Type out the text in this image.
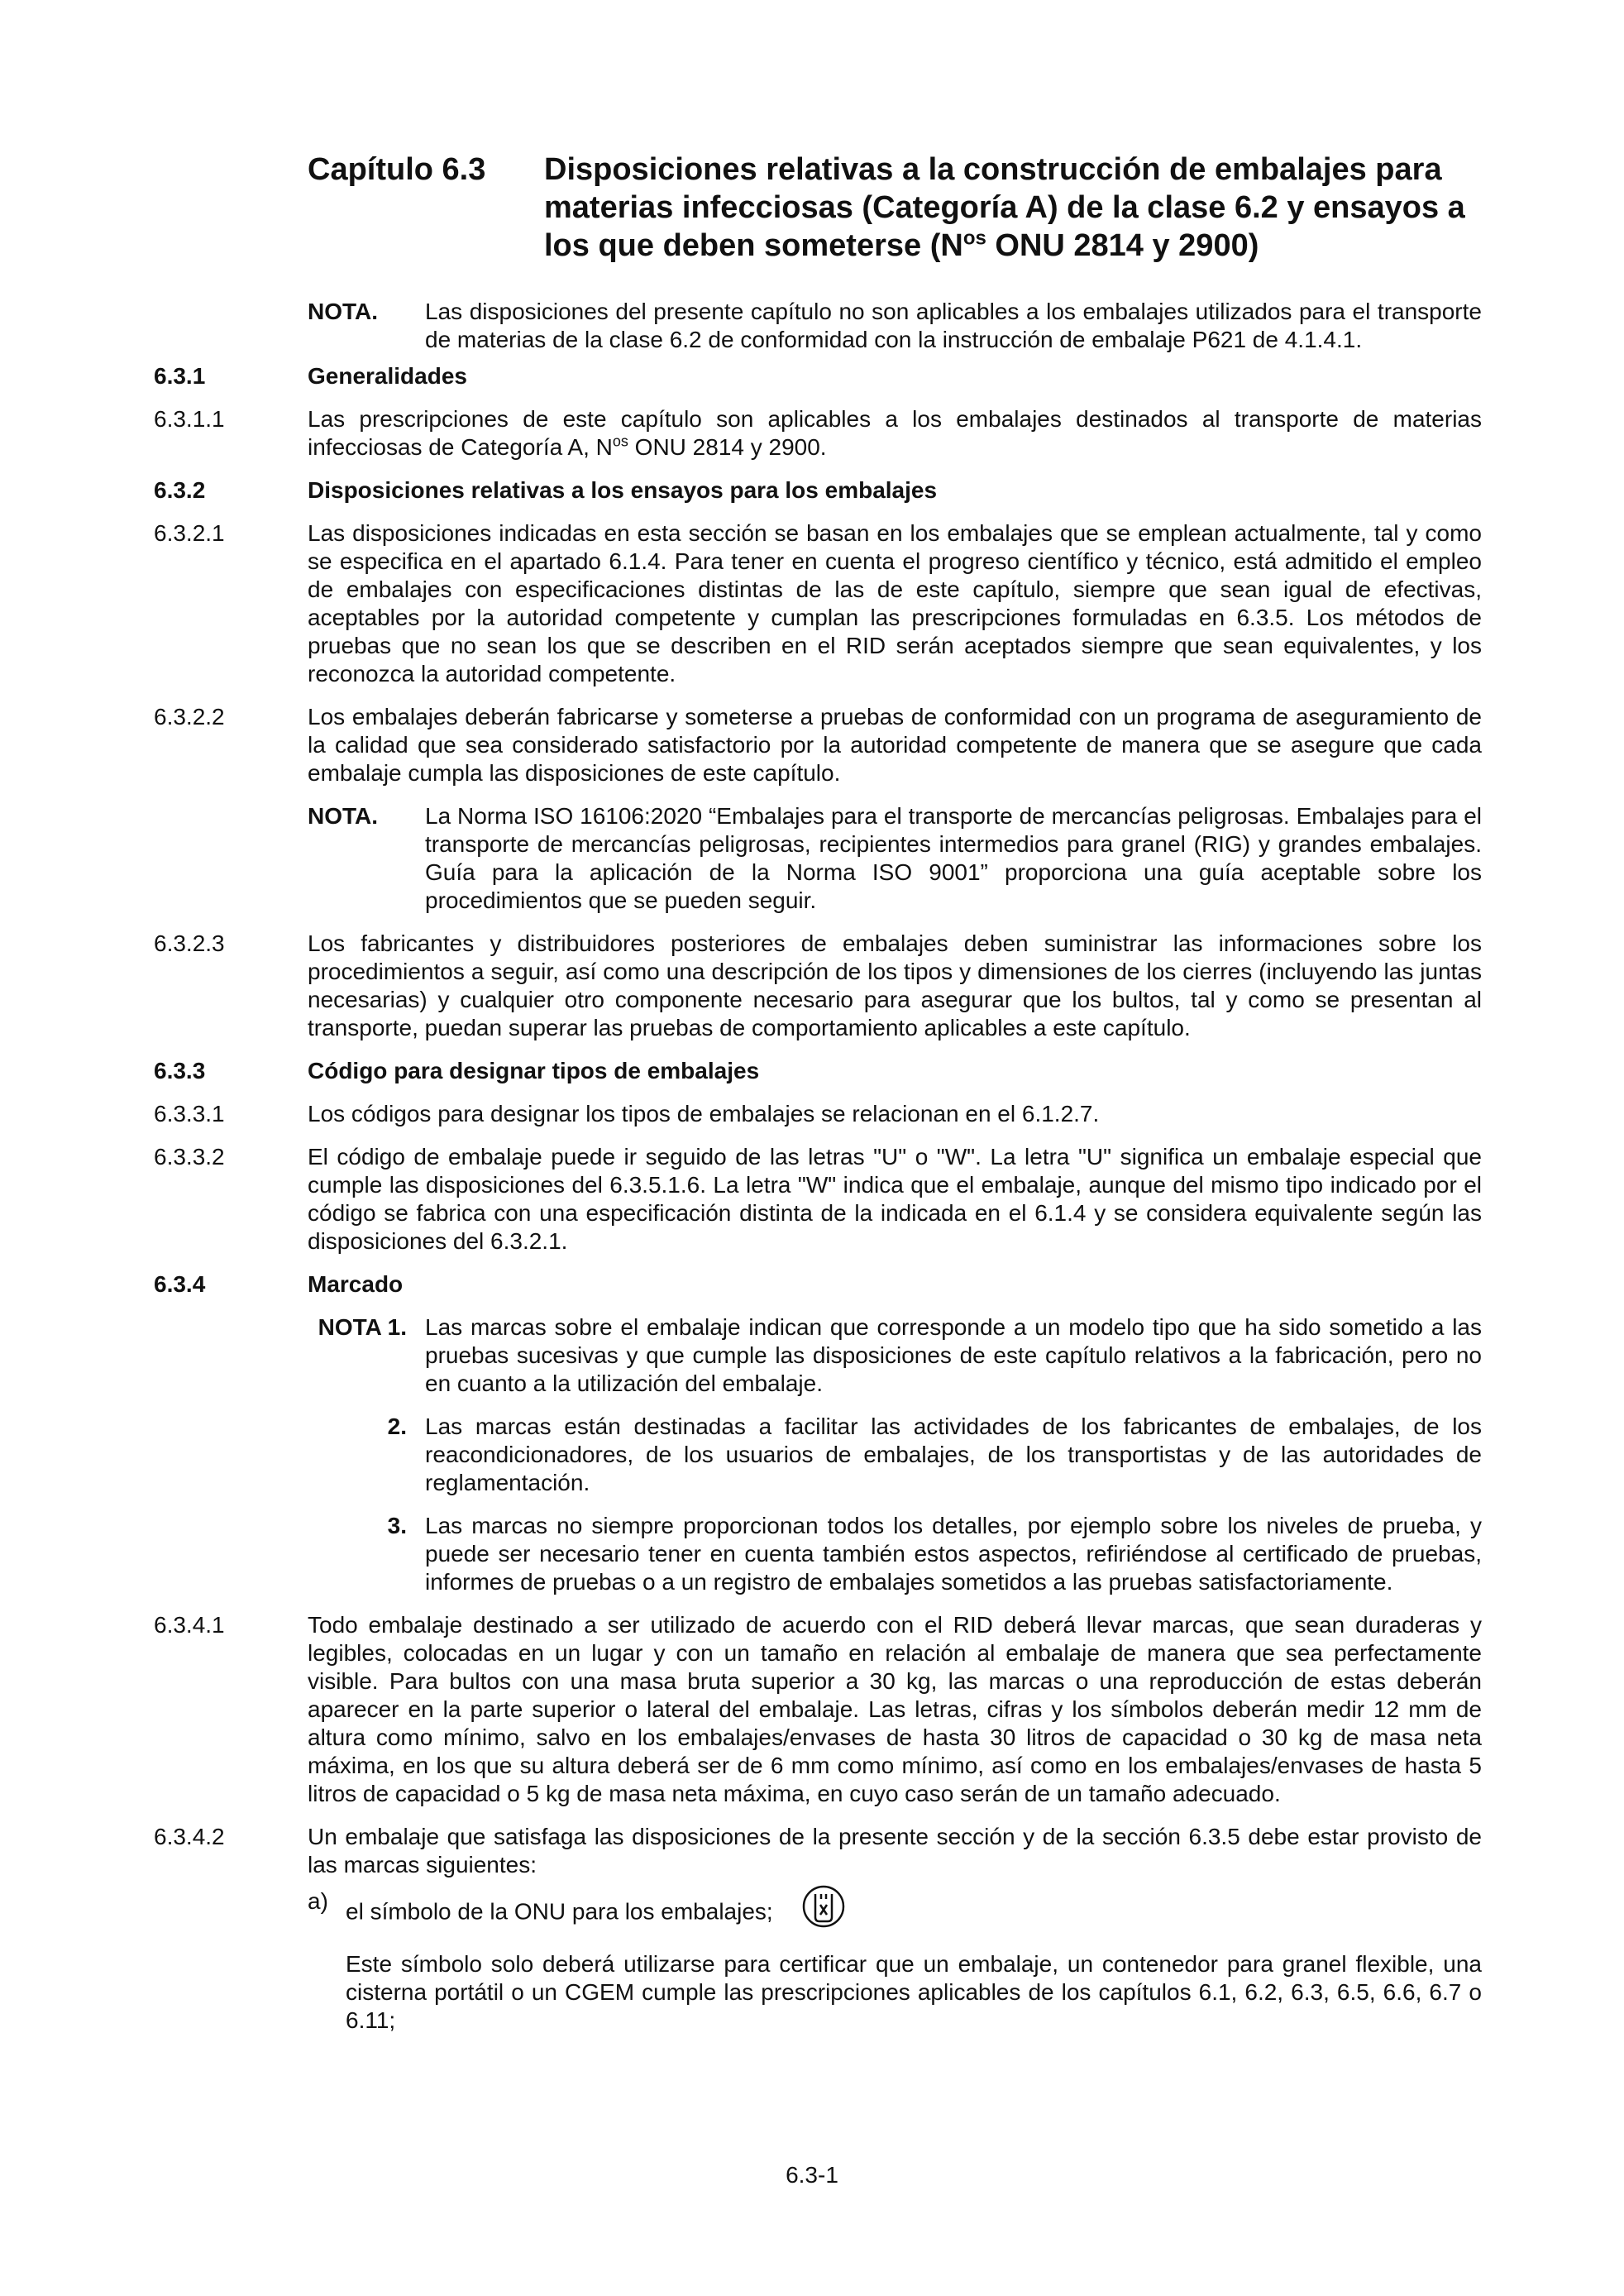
Capítulo 6.3 Disposiciones relativas a la construcción de embalajes para materias infecciosas (Categoría A) de la clase 6.2 y ensayos a los que deben someterse ($N^{os}$ ONU 2814 y 2900)
NOTA.	Las disposiciones del presente capítulo no son aplicables a los embalajes utilizados para el transporte de materias de la clase 6.2 de conformidad con la instrucción de embalaje P621 de 4.1.4.1.
6.3.1	Generalidades
6.3.1.1	Las prescripciones de este capítulo son aplicables a los embalajes destinados al transporte de materias infecciosas de Categoría A, $N^{os}$ ONU 2814 y 2900.
6.3.2	Disposiciones relativas a los ensayos para los embalajes
6.3.2.1	Las disposiciones indicadas en esta sección se basan en los embalajes que se emplean actualmente, tal y como se especifica en el apartado 6.1.4. Para tener en cuenta el progreso científico y técnico, está admitido el empleo de embalajes con especificaciones distintas de las de este capítulo, siempre que sean igual de efectivas, aceptables por la autoridad competente y cumplan las prescripciones formuladas en 6.3.5. Los métodos de pruebas que no sean los que se describen en el RID serán aceptados siempre que sean equivalentes, y los reconozca la autoridad competente.
6.3.2.2	Los embalajes deberán fabricarse y someterse a pruebas de conformidad con un programa de aseguramiento de la calidad que sea considerado satisfactorio por la autoridad competente de manera que se asegure que cada embalaje cumpla las disposiciones de este capítulo.
NOTA.	La Norma ISO 16106:2020 “Embalajes para el transporte de mercancías peligrosas. Embalajes para el transporte de mercancías peligrosas, recipientes intermedios para granel (RIG) y grandes embalajes. Guía para la aplicación de la Norma ISO 9001” proporciona una guía aceptable sobre los procedimientos que se pueden seguir.
6.3.2.3	Los fabricantes y distribuidores posteriores de embalajes deben suministrar las informaciones sobre los procedimientos a seguir, así como una descripción de los tipos y dimensiones de los cierres (incluyendo las juntas necesarias) y cualquier otro componente necesario para asegurar que los bultos, tal y como se presentan al transporte, puedan superar las pruebas de comportamiento aplicables a este capítulo.
6.3.3	Código para designar tipos de embalajes
6.3.3.1	Los códigos para designar los tipos de embalajes se relacionan en el 6.1.2.7.
6.3.3.2	El código de embalaje puede ir seguido de las letras "U" o "W". La letra "U" significa un embalaje especial que cumple las disposiciones del 6.3.5.1.6. La letra "W" indica que el embalaje, aunque del mismo tipo indicado por el código se fabrica con una especificación distinta de la indicada en el 6.1.4 y se considera equivalente según las disposiciones del 6.3.2.1.
6.3.4	Marcado
NOTA 1. Las marcas sobre el embalaje indican que corresponde a un modelo tipo que ha sido sometido a las pruebas sucesivas y que cumple las disposiciones de este capítulo relativos a la fabricación, pero no en cuanto a la utilización del embalaje.
2. Las marcas están destinadas a facilitar las actividades de los fabricantes de embalajes, de los reacondicionadores, de los usuarios de embalajes, de los transportistas y de las autoridades de reglamentación.
3. Las marcas no siempre proporcionan todos los detalles, por ejemplo sobre los niveles de prueba, y puede ser necesario tener en cuenta también estos aspectos, refiriéndose al certificado de pruebas, informes de pruebas o a un registro de embalajes sometidos a las pruebas satisfactoriamente.
6.3.4.1	Todo embalaje destinado a ser utilizado de acuerdo con el RID deberá llevar marcas, que sean duraderas y legibles, colocadas en un lugar y con un tamaño en relación al embalaje de manera que sea perfectamente visible. Para bultos con una masa bruta superior a 30 kg, las marcas o una reproducción de estas deberán aparecer en la parte superior o lateral del embalaje. Las letras, cifras y los símbolos deberán medir 12 mm de altura como mínimo, salvo en los embalajes/envases de hasta 30 litros de capacidad o 30 kg de masa neta máxima, en los que su altura deberá ser de 6 mm como mínimo, así como en los embalajes/envases de hasta 5 litros de capacidad o 5 kg de masa neta máxima, en cuyo caso serán de un tamaño adecuado.
6.3.4.2	Un embalaje que satisfaga las disposiciones de la presente sección y de la sección 6.3.5 debe estar provisto de las marcas siguientes:
a) el símbolo de la ONU para los embalajes;
Este símbolo solo deberá utilizarse para certificar que un embalaje, un contenedor para granel flexible, una cisterna portátil o un CGEM cumple las prescripciones aplicables de los capítulos 6.1, 6.2, 6.3, 6.5, 6.6, 6.7 o 6.11;
6.3-1
